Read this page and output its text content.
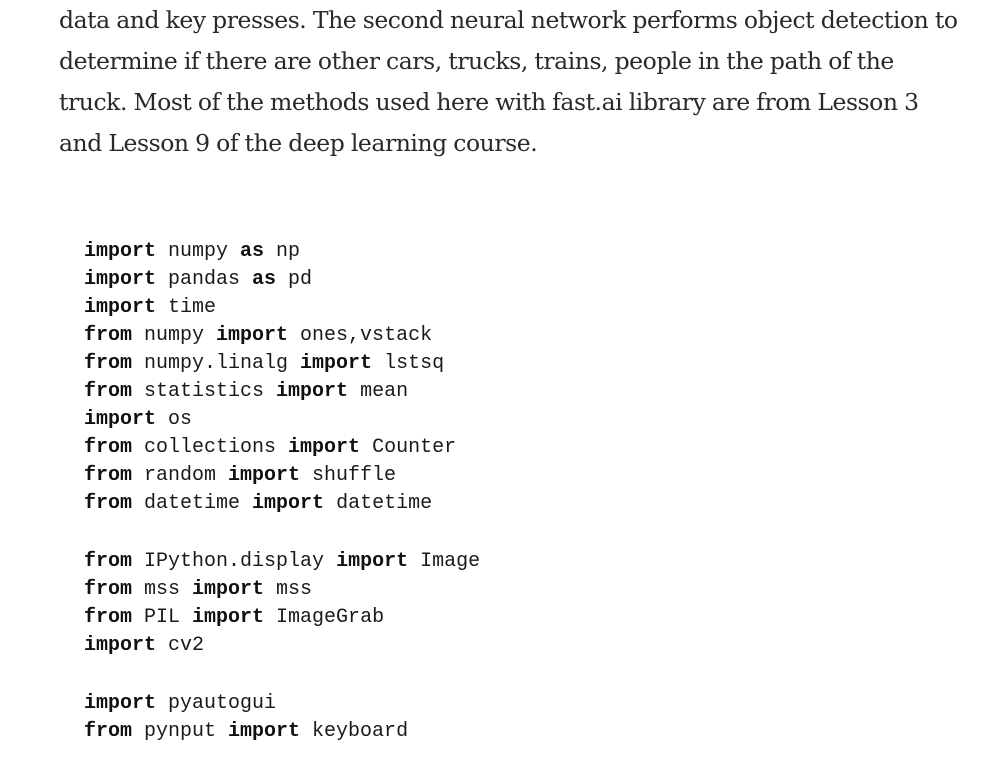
data and key presses. The second neural network performs object detection to
determine if there are other cars, trucks, trains, people in the path of the
truck. Most of the methods used here with fast.ai library are from Lesson 3
and Lesson 9 of the deep learning course.

import numpy as np
import pandas as pd
import time
from numpy import ones,vstack
from numpy.linalg import lstsq
from statistics import mean
import os
from collections import Counter
from random import shuffle
from datetime import datetime

from IPython.display import Image
from mss import mss
from PIL import ImageGrab
import cv2

import pyautogui
from pynput import keyboard
